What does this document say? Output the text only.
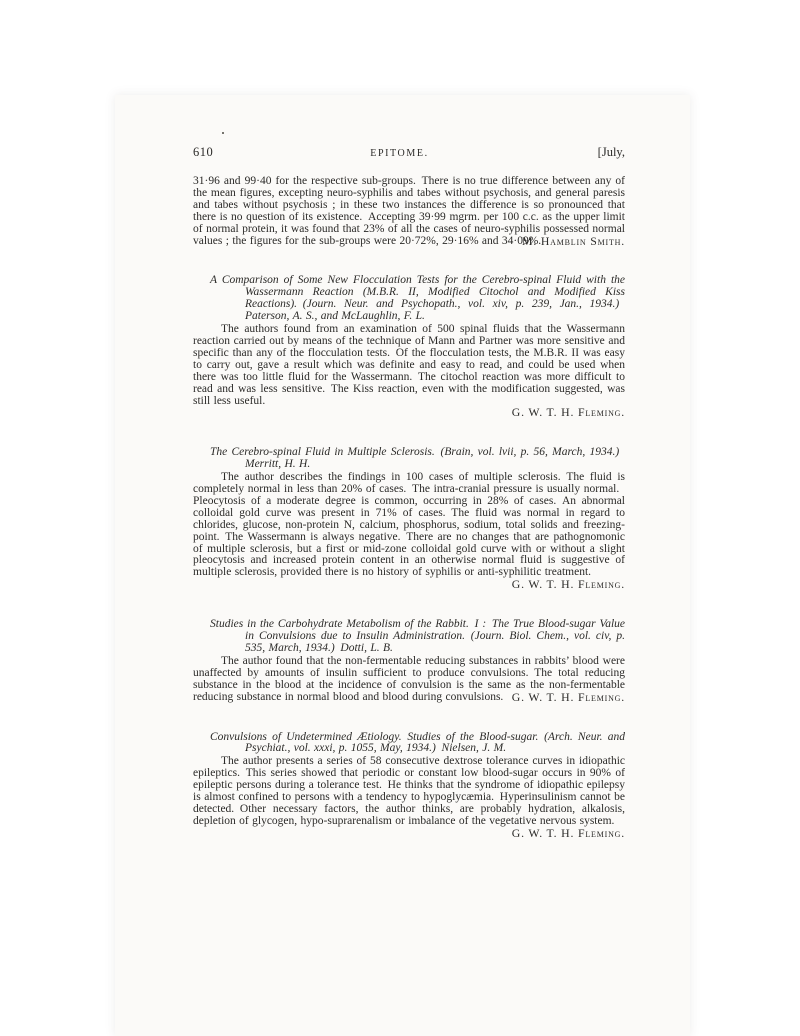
610	EPITOME.	[July,

31·96 and 99·40 for the respective sub-groups. There is no true difference between any of the mean figures, excepting neuro-syphilis and tabes without psychosis, and general paresis and tabes without psychosis ; in these two instances the difference is so pronounced that there is no question of its existence. Accepting 39·99 mgrm. per 100 c.c. as the upper limit of normal protein, it was found that 23% of all the cases of neuro-syphilis possessed normal values ; the figures for the sub-groups were 20·72%, 29·16% and 34·09%.

M. Hamblin Smith.

A Comparison of Some New Flocculation Tests for the Cerebro-spinal Fluid with the Wassermann Reaction (M.B.R. II, Modified Citochol and Modified Kiss Reactions). (Journ. Neur. and Psychopath., vol. xiv, p. 239, Jan., 1934.) Paterson, A. S., and McLaughlin, F. L.

The authors found from an examination of 500 spinal fluids that the Wassermann reaction carried out by means of the technique of Mann and Partner was more sensitive and specific than any of the flocculation tests. Of the flocculation tests, the M.B.R. II was easy to carry out, gave a result which was definite and easy to read, and could be used when there was too little fluid for the Wassermann. The citochol reaction was more difficult to read and was less sensitive. The Kiss reaction, even with the modification suggested, was still less useful.

G. W. T. H. Fleming.

The Cerebro-spinal Fluid in Multiple Sclerosis. (Brain, vol. lvii, p. 56, March, 1934.) Merritt, H. H.

The author describes the findings in 100 cases of multiple sclerosis. The fluid is completely normal in less than 20% of cases. The intra-cranial pressure is usually normal. Pleocytosis of a moderate degree is common, occurring in 28% of cases. An abnormal colloidal gold curve was present in 71% of cases. The fluid was normal in regard to chlorides, glucose, non-protein N, calcium, phosphorus, sodium, total solids and freezing-point. The Wassermann is always negative. There are no changes that are pathognomonic of multiple sclerosis, but a first or mid-zone colloidal gold curve with or without a slight pleocytosis and increased protein content in an otherwise normal fluid is suggestive of multiple sclerosis, provided there is no history of syphilis or anti-syphilitic treatment.

G. W. T. H. Fleming.

Studies in the Carbohydrate Metabolism of the Rabbit. I : The True Blood-sugar Value in Convulsions due to Insulin Administration. (Journ. Biol. Chem., vol. civ, p. 535, March, 1934.) Dotti, L. B.

The author found that the non-fermentable reducing substances in rabbits’ blood were unaffected by amounts of insulin sufficient to produce convulsions. The total reducing substance in the blood at the incidence of convulsion is the same as the non-fermentable reducing substance in normal blood and blood during convulsions. G. W. T. H. Fleming.

Convulsions of Undetermined Ætiology. Studies of the Blood-sugar. (Arch. Neur. and Psychiat., vol. xxxi, p. 1055, May, 1934.) Nielsen, J. M.

The author presents a series of 58 consecutive dextrose tolerance curves in idiopathic epileptics. This series showed that periodic or constant low blood-sugar occurs in 90% of epileptic persons during a tolerance test. He thinks that the syndrome of idiopathic epilepsy is almost confined to persons with a tendency to hypoglycæmia. Hyperinsulinism cannot be detected. Other necessary factors, the author thinks, are probably hydration, alkalosis, depletion of glycogen, hypo-suprarenalism or imbalance of the vegetative nervous system.

G. W. T. H. Fleming.
